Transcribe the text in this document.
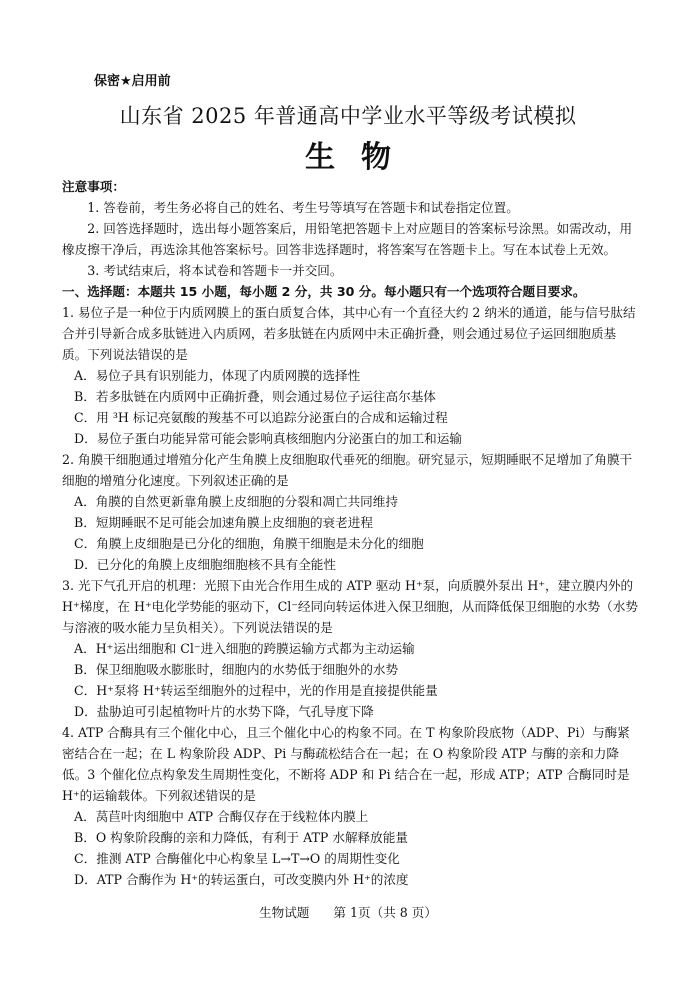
保密★启用前
山东省 2025 年普通高中学业水平等级考试模拟
生物

注意事项：

1. 答卷前，考生务必将自己的姓名、考生号等填写在答题卡和试卷指定位置。

2. 回答选择题时，选出每小题答案后，用铅笔把答题卡上对应题目的答案标号涂黑。如需改动，用橡皮擦干净后，再选涂其他答案标号。回答非选择题时，将答案写在答题卡上。写在本试卷上无效。

3. 考试结束后，将本试卷和答题卡一并交回。

一、选择题：本题共 15 小题，每小题 2 分，共 30 分。每小题只有一个选项符合题目要求。

1. 易位子是一种位于内质网膜上的蛋白质复合体，其中心有一个直径大约 2 纳米的通道，能与信号肽结合并引导新合成多肽链进入内质网，若多肽链在内质网中未正确折叠，则会通过易位子运回细胞质基质。下列说法错误的是

A．易位子具有识别能力，体现了内质网膜的选择性

B．若多肽链在内质网中正确折叠，则会通过易位子运往高尔基体

C．用 ³H 标记亮氨酸的羧基不可以追踪分泌蛋白的合成和运输过程

D．易位子蛋白功能异常可能会影响真核细胞内分泌蛋白的加工和运输

2. 角膜干细胞通过增殖分化产生角膜上皮细胞取代垂死的细胞。研究显示，短期睡眠不足增加了角膜干细胞的增殖分化速度。下列叙述正确的是

A．角膜的自然更新靠角膜上皮细胞的分裂和凋亡共同维持

B．短期睡眠不足可能会加速角膜上皮细胞的衰老进程

C．角膜上皮细胞是已分化的细胞，角膜干细胞是未分化的细胞

D．已分化的角膜上皮细胞细胞核不具有全能性

3. 光下气孔开启的机理：光照下由光合作用生成的 ATP 驱动 H⁺泵，向质膜外泵出 H⁺，建立膜内外的 H⁺梯度，在 H⁺电化学势能的驱动下，Cl⁻经同向转运体进入保卫细胞，从而降低保卫细胞的水势（水势与溶液的吸水能力呈负相关）。下列说法错误的是

A．H⁺运出细胞和 Cl⁻进入细胞的跨膜运输方式都为主动运输

B．保卫细胞吸水膨胀时，细胞内的水势低于细胞外的水势

C．H⁺泵将 H⁺转运至细胞外的过程中，光的作用是直接提供能量

D．盐胁迫可引起植物叶片的水势下降，气孔导度下降

4. ATP 合酶具有三个催化中心，且三个催化中心的构象不同。在 T 构象阶段底物（ADP、Pi）与酶紧密结合在一起；在 L 构象阶段 ADP、Pi 与酶疏松结合在一起；在 O 构象阶段 ATP 与酶的亲和力降低。3 个催化位点构象发生周期性变化，不断将 ADP 和 Pi 结合在一起，形成 ATP；ATP 合酶同时是 H⁺的运输载体。下列叙述错误的是

A．莴苣叶肉细胞中 ATP 合酶仅存在于线粒体内膜上

B．O 构象阶段酶的亲和力降低，有利于 ATP 水解释放能量

C．推测 ATP 合酶催化中心构象呈 L→T→O 的周期性变化

D．ATP 合酶作为 H⁺的转运蛋白，可改变膜内外 H⁺的浓度

生物试题 第 1页（共 8 页）
